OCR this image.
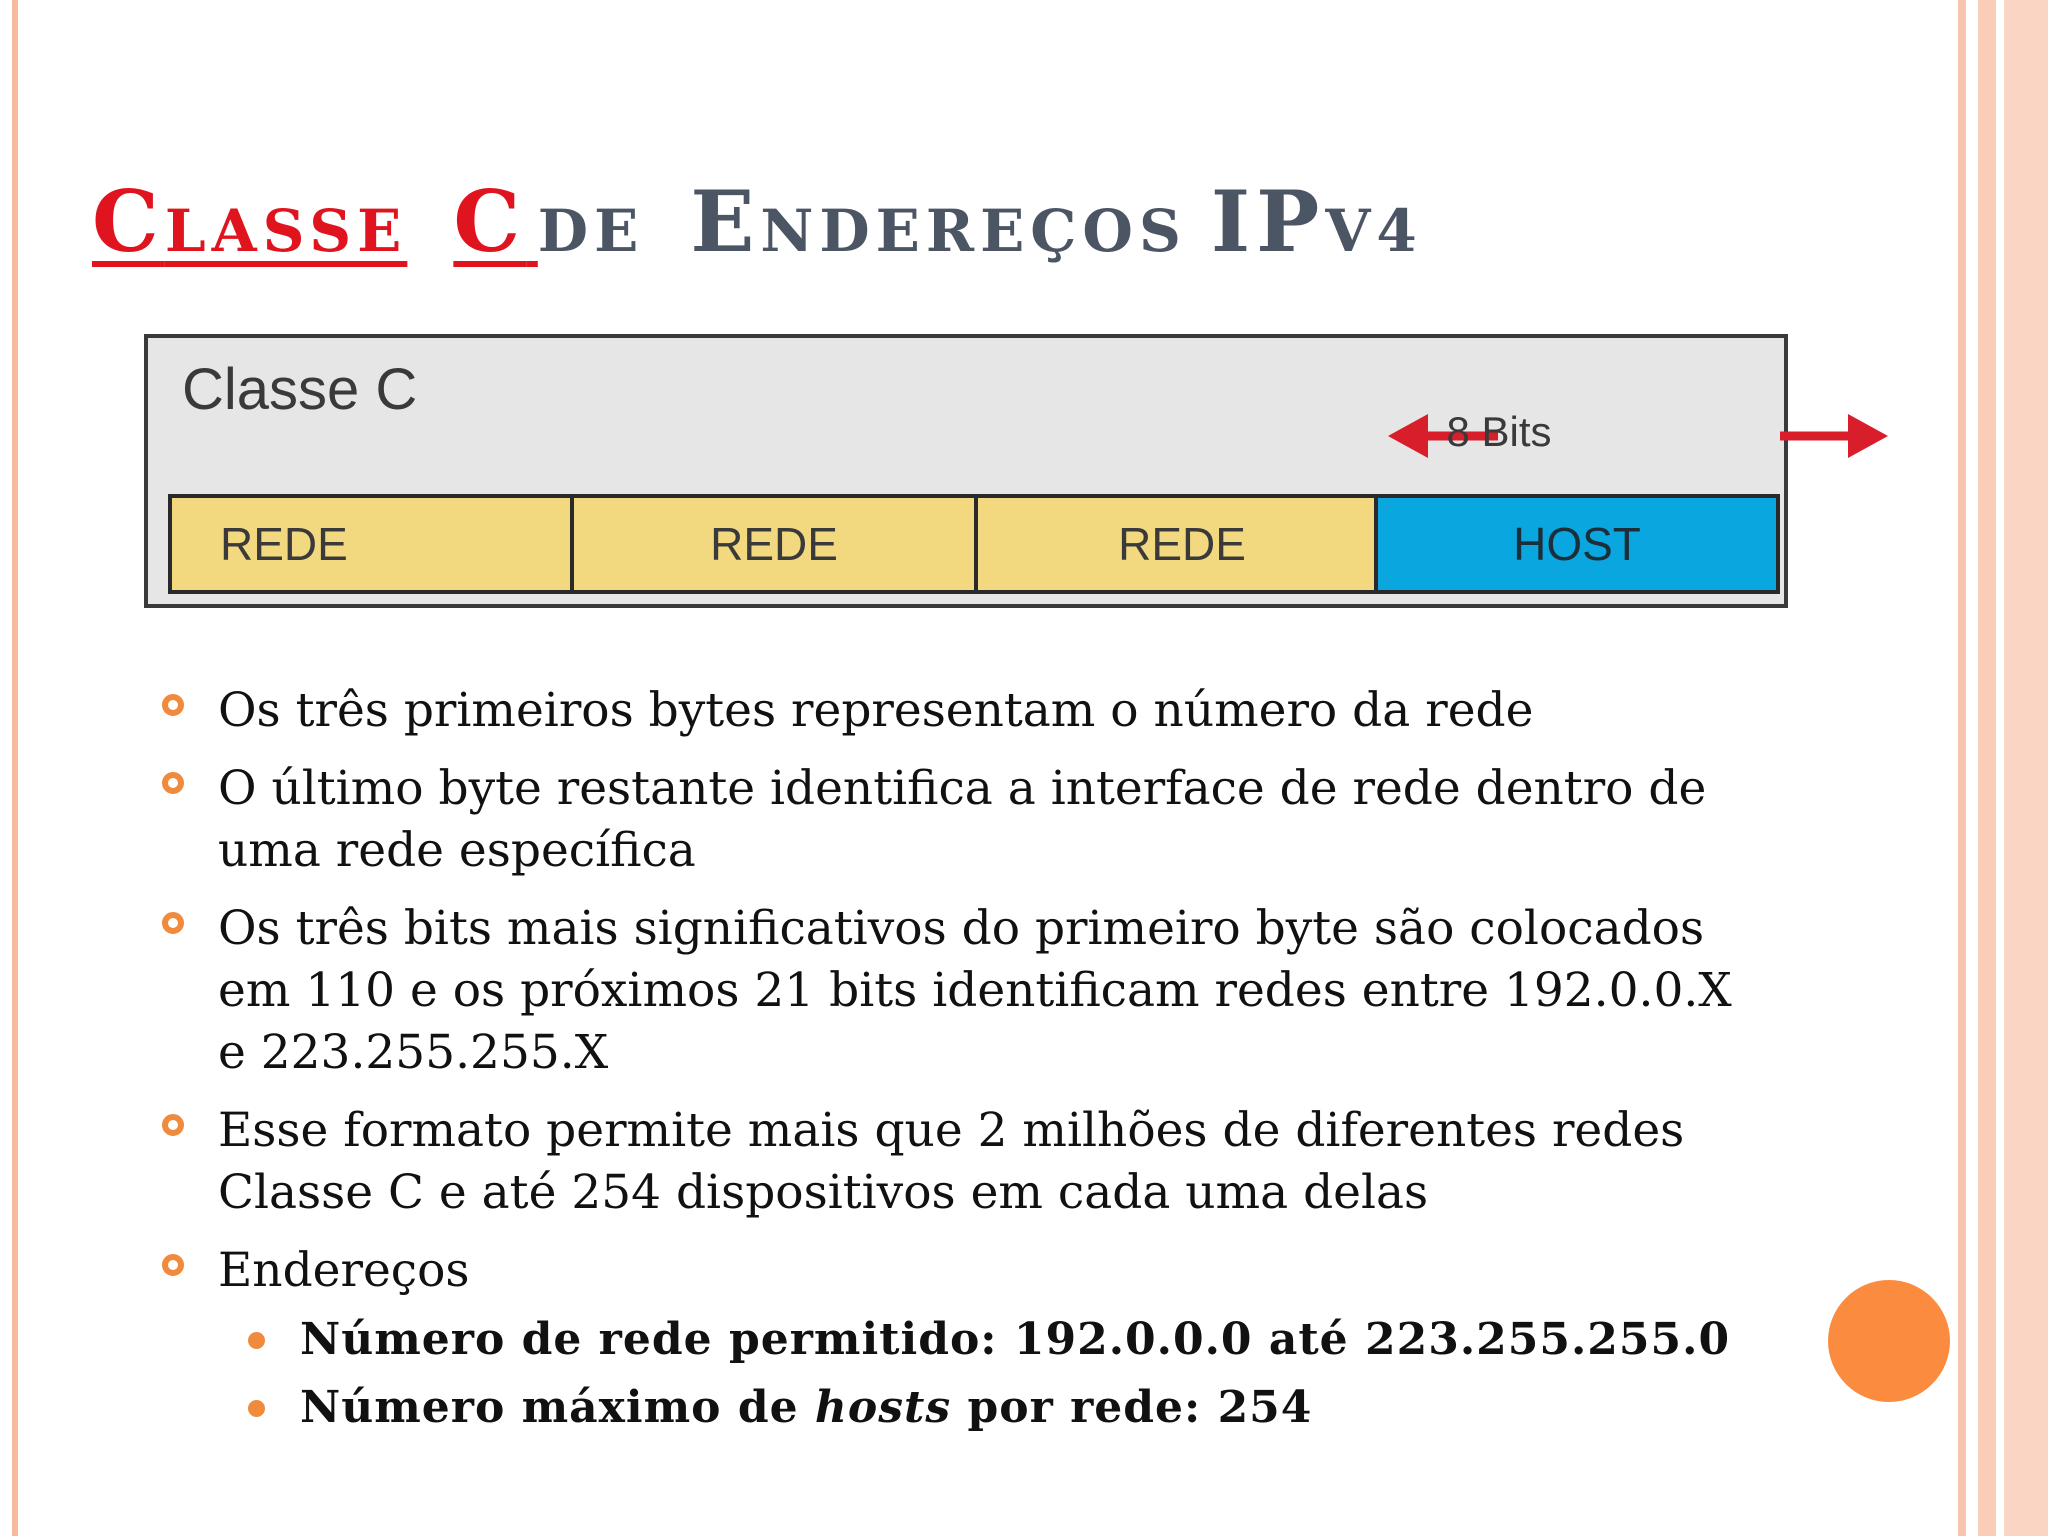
CLASSE C DE ENDEREÇOS IPV4
Classe C
8 Bits
REDE	REDE	REDE	HOST
Os três primeiros bytes representam o número da rede
O último byte restante identifica a interface de rede dentro de uma rede específica
Os três bits mais significativos do primeiro byte são colocados em 110 e os próximos 21 bits identificam redes entre 192.0.0.X e 223.255.255.X
Esse formato permite mais que 2 milhões de diferentes redes Classe C e até 254 dispositivos em cada uma delas
Endereços
Número de rede permitido: 192.0.0.0 até 223.255.255.0
Número máximo de hosts por rede: 254
